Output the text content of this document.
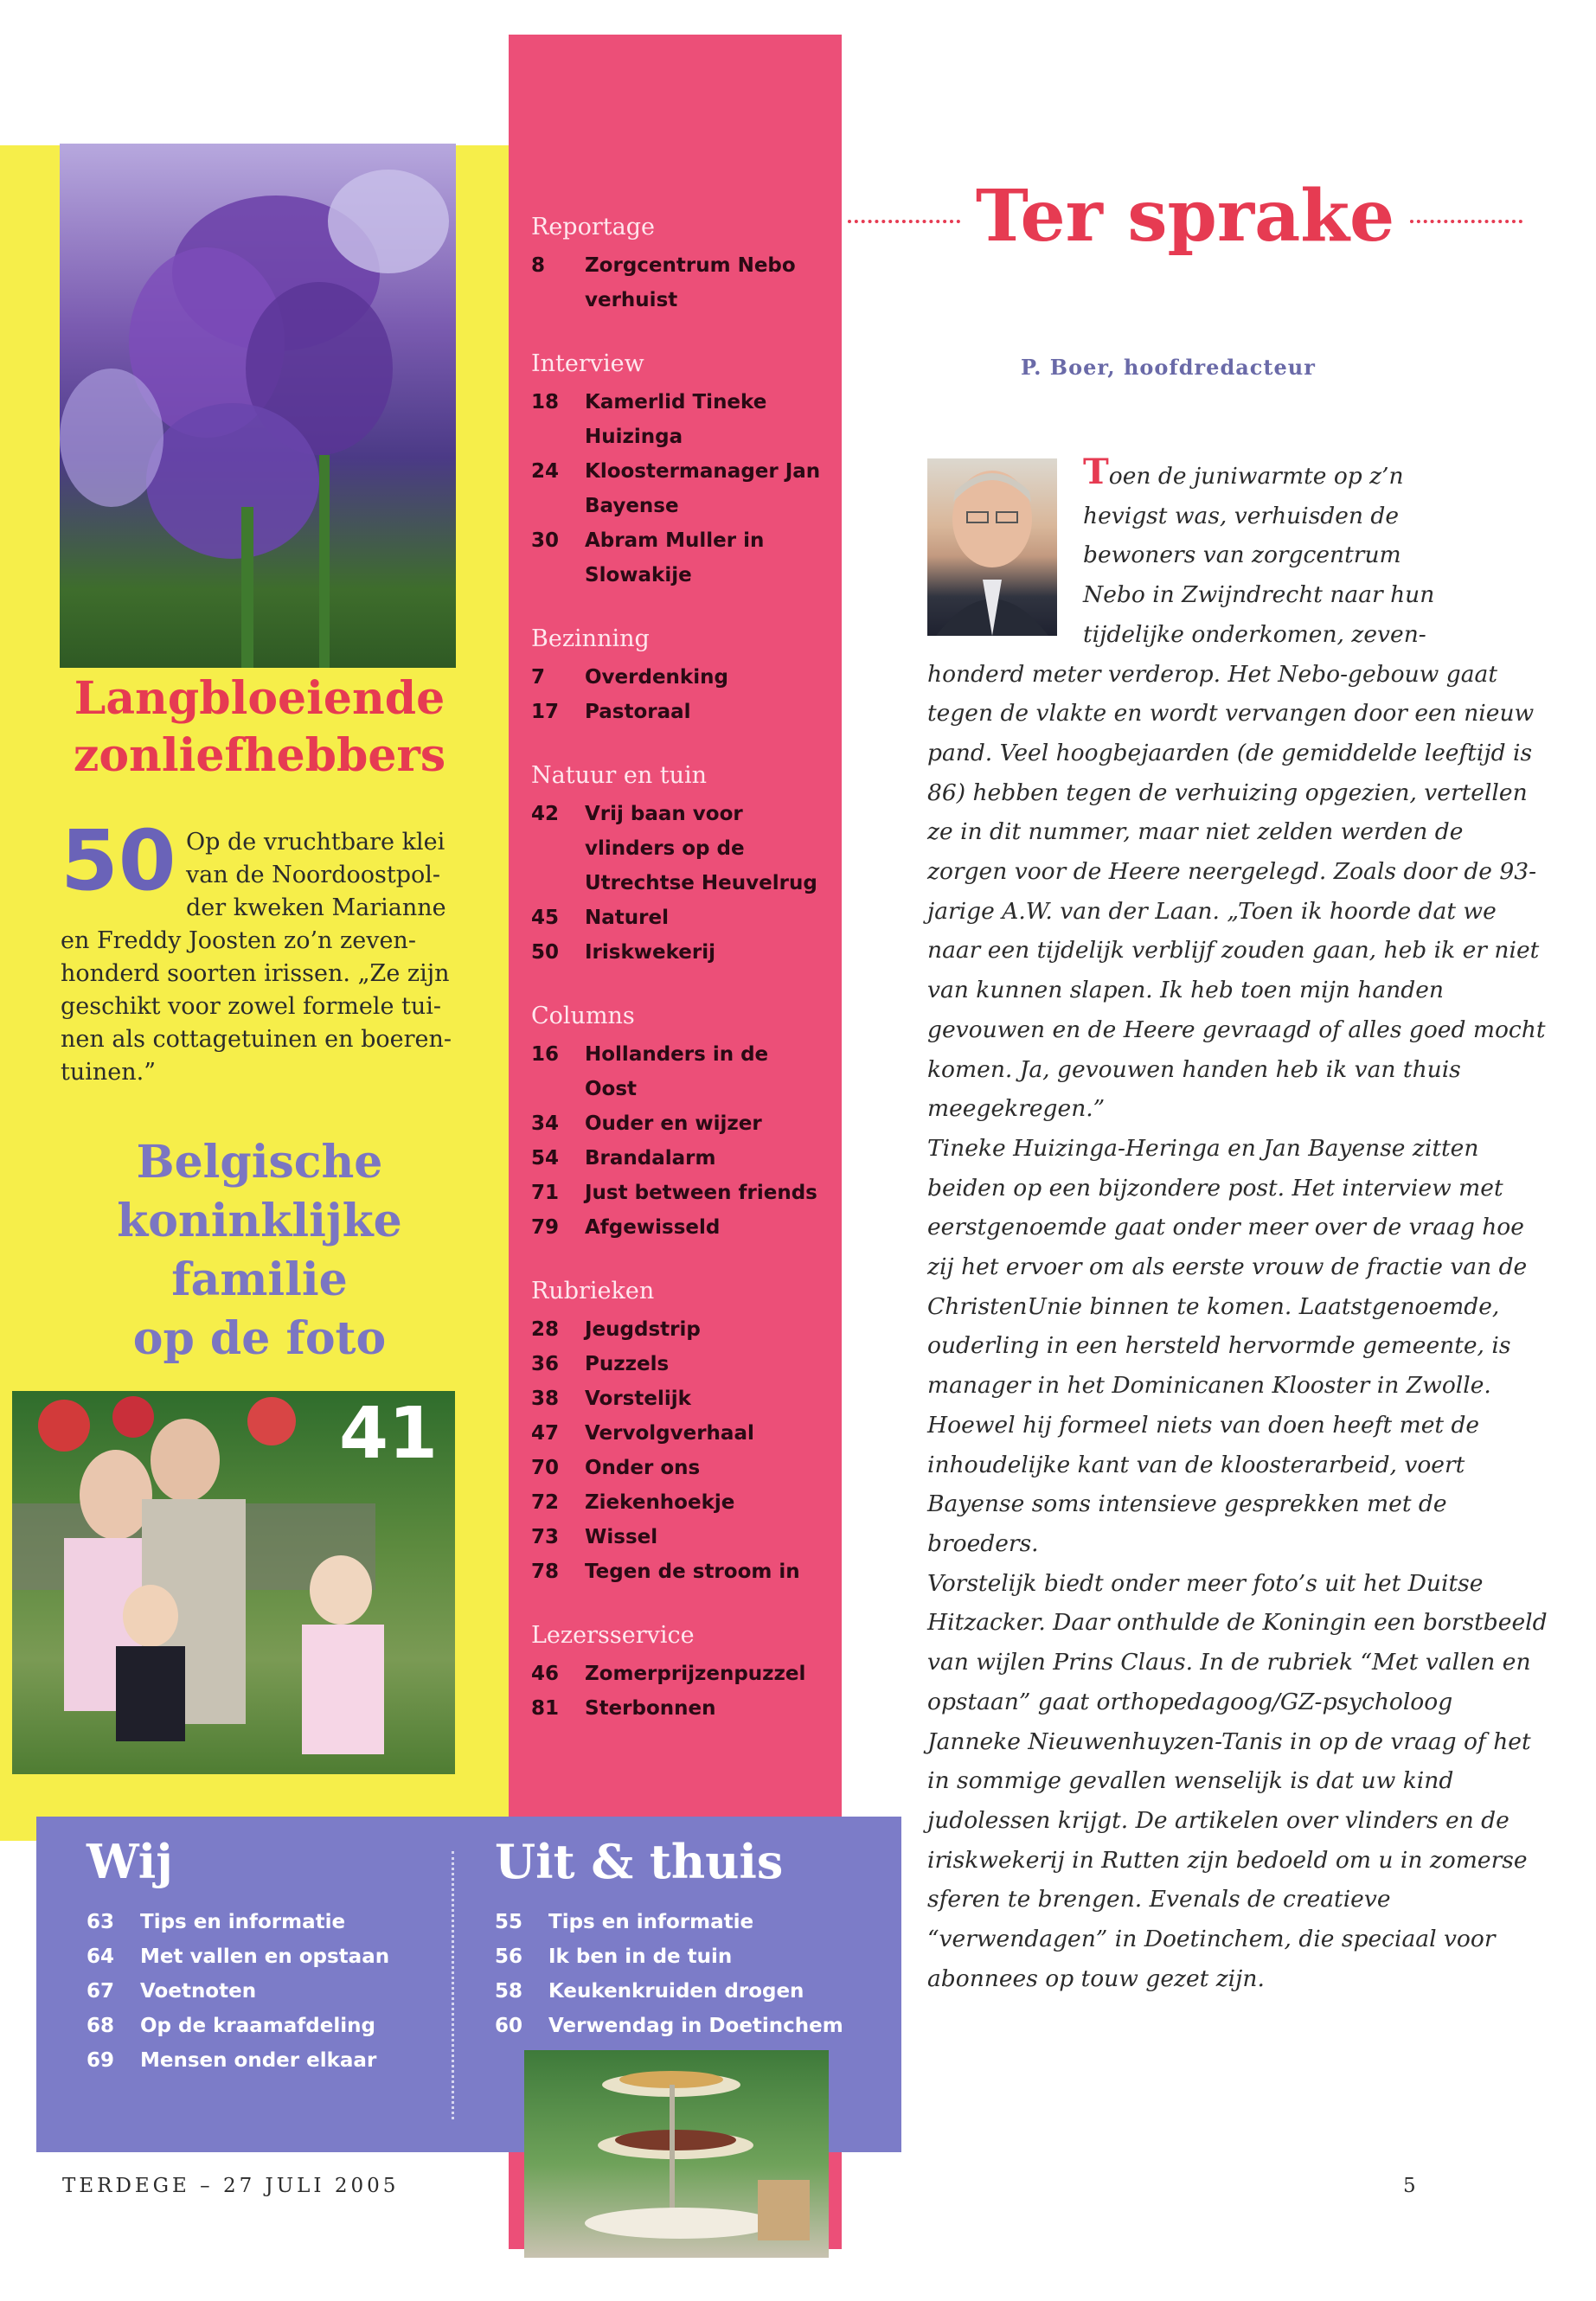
Langbloeiende
zonliefhebbers
50 Op de vruchtbare klei
van de Noordoostpol-
der kweken Marianne
en Freddy Joosten zo’n zeven-honderd soorten irissen. „Ze zijn geschikt voor zowel formele tui-nen als cottagetuinen en boeren-tuinen.”

Belgische
koninklijke
familie
op de foto
41
Reportage
8	Zorgcentrum Nebo verhuist
Interview
18	Kamerlid Tineke Huizinga
24	Kloostermanager Jan Bayense
30	Abram Muller in Slowakije
Bezinning
7	Overdenking
17	Pastoraal
Natuur en tuin
42	Vrij baan voor vlinders op de Utrechtse Heuvelrug
45	Naturel
50	Iriskwekerij
Columns
16	Hollanders in de Oost
34	Ouder en wijzer
54	Brandalarm
71	Just between friends
79	Afgewisseld
Rubrieken
28	Jeugdstrip
36	Puzzels
38	Vorstelijk
47	Vervolgverhaal
70	Onder ons
72	Ziekenhoekje
73	Wissel
78	Tegen de stroom in
Lezersservice
46	Zomerprijzenpuzzel
81	Sterbonnen
Wij
63	Tips en informatie
64	Met vallen en opstaan
67	Voetnoten
68	Op de kraamafdeling
69	Mensen onder elkaar
Uit & thuis
55	Tips en informatie
56	Ik ben in de tuin
58	Keukenkruiden drogen
60	Verwendag in Doetinchem
Ter sprake
P. Boer, hoofdredacteur

Toen de juniwarmte op z’n
hevigst was, verhuisden de
bewoners van zorgcentrum
Nebo in Zwijndrecht naar hun
tijdelijke onderkomen, zeven-
honderd meter verderop. Het Nebo-gebouw gaat tegen de vlakte en wordt vervangen door een nieuw pand. Veel hoogbejaarden (de gemiddelde leeftijd is 86) hebben tegen de verhuizing opgezien, vertellen ze in dit nummer, maar niet zelden werden de zorgen voor de Heere neergelegd. Zoals door de 93-jarige A.W. van der Laan. „Toen ik hoorde dat we naar een tijdelijk verblijf zouden gaan, heb ik er niet van kunnen slapen. Ik heb toen mijn handen gevouwen en de Heere gevraagd of alles goed mocht komen. Ja, gevouwen handen heb ik van thuis meegekregen.”
Tineke Huizinga-Heringa en Jan Bayense zitten beiden op een bijzondere post. Het interview met eerstgenoemde gaat onder meer over de vraag hoe zij het ervoer om als eerste vrouw de fractie van de ChristenUnie binnen te komen. Laatstgenoemde, ouderling in een hersteld hervormde gemeente, is manager in het Dominicanen Klooster in Zwolle. Hoewel hij formeel niets van doen heeft met de inhoudelijke kant van de kloosterarbeid, voert Bayense soms intensieve gesprekken met de broeders.
Vorstelijk biedt onder meer foto’s uit het Duitse Hitzacker. Daar onthulde de Koningin een borstbeeld van wijlen Prins Claus. In de rubriek “Met vallen en opstaan” gaat orthopedagoog/GZ-psycholoog Janneke Nieuwenhuyzen-Tanis in op de vraag of het in sommige gevallen wenselijk is dat uw kind judolessen krijgt. De artikelen over vlinders en de iriskwekerij in Rutten zijn bedoeld om u in zomerse sferen te brengen. Evenals de creatieve “verwendagen” in Doetinchem, die speciaal voor abonnees op touw gezet zijn.

TERDEGE – 27 JULI 2005	5
